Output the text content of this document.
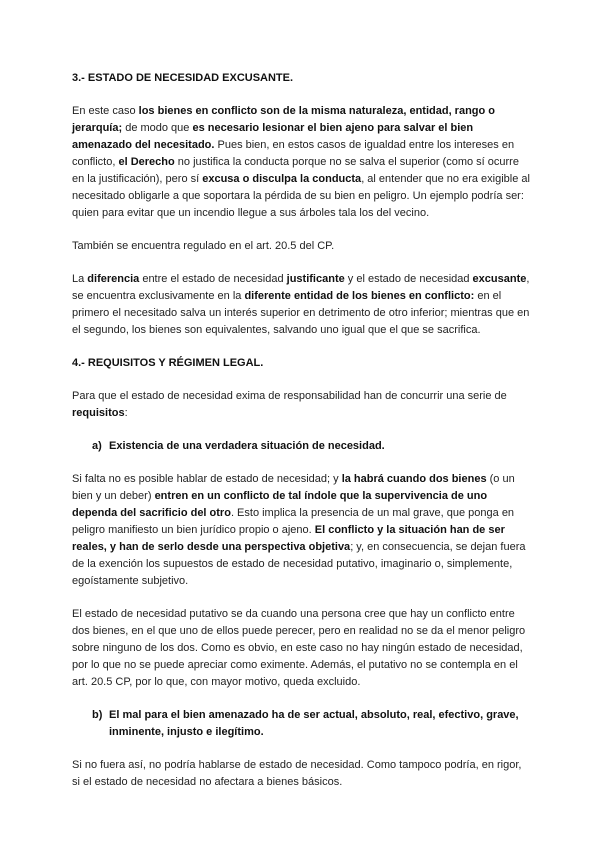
3.- ESTADO DE NECESIDAD EXCUSANTE.

En este caso los bienes en conflicto son de la misma naturaleza, entidad, rango o jerarquía; de modo que es necesario lesionar el bien ajeno para salvar el bien amenazado del necesitado. Pues bien, en estos casos de igualdad entre los intereses en conflicto, el Derecho no justifica la conducta porque no se salva el superior (como sí ocurre en la justificación), pero sí excusa o disculpa la conducta, al entender que no era exigible al necesitado obligarle a que soportara la pérdida de su bien en peligro. Un ejemplo podría ser: quien para evitar que un incendio llegue a sus árboles tala los del vecino.

También se encuentra regulado en el art. 20.5 del CP.

La diferencia entre el estado de necesidad justificante y el estado de necesidad excusante, se encuentra exclusivamente en la diferente entidad de los bienes en conflicto: en el primero el necesitado salva un interés superior en detrimento de otro inferior; mientras que en el segundo, los bienes son equivalentes, salvando uno igual que el que se sacrifica.

4.- REQUISITOS Y RÉGIMEN LEGAL.

Para que el estado de necesidad exima de responsabilidad han de concurrir una serie de requisitos:

a) Existencia de una verdadera situación de necesidad.

Si falta no es posible hablar de estado de necesidad; y la habrá cuando dos bienes (o un bien y un deber) entren en un conflicto de tal índole que la supervivencia de uno dependa del sacrificio del otro. Esto implica la presencia de un mal grave, que ponga en peligro manifiesto un bien jurídico propio o ajeno. El conflicto y la situación han de ser reales, y han de serlo desde una perspectiva objetiva; y, en consecuencia, se dejan fuera de la exención los supuestos de estado de necesidad putativo, imaginario o, simplemente, egoístamente subjetivo.

El estado de necesidad putativo se da cuando una persona cree que hay un conflicto entre dos bienes, en el que uno de ellos puede perecer, pero en realidad no se da el menor peligro sobre ninguno de los dos. Como es obvio, en este caso no hay ningún estado de necesidad, por lo que no se puede apreciar como eximente. Además, el putativo no se contempla en el art. 20.5 CP, por lo que, con mayor motivo, queda excluido.

b) El mal para el bien amenazado ha de ser actual, absoluto, real, efectivo, grave, inminente, injusto e ilegítimo.

Si no fuera así, no podría hablarse de estado de necesidad. Como tampoco podría, en rigor, si el estado de necesidad no afectara a bienes básicos.
